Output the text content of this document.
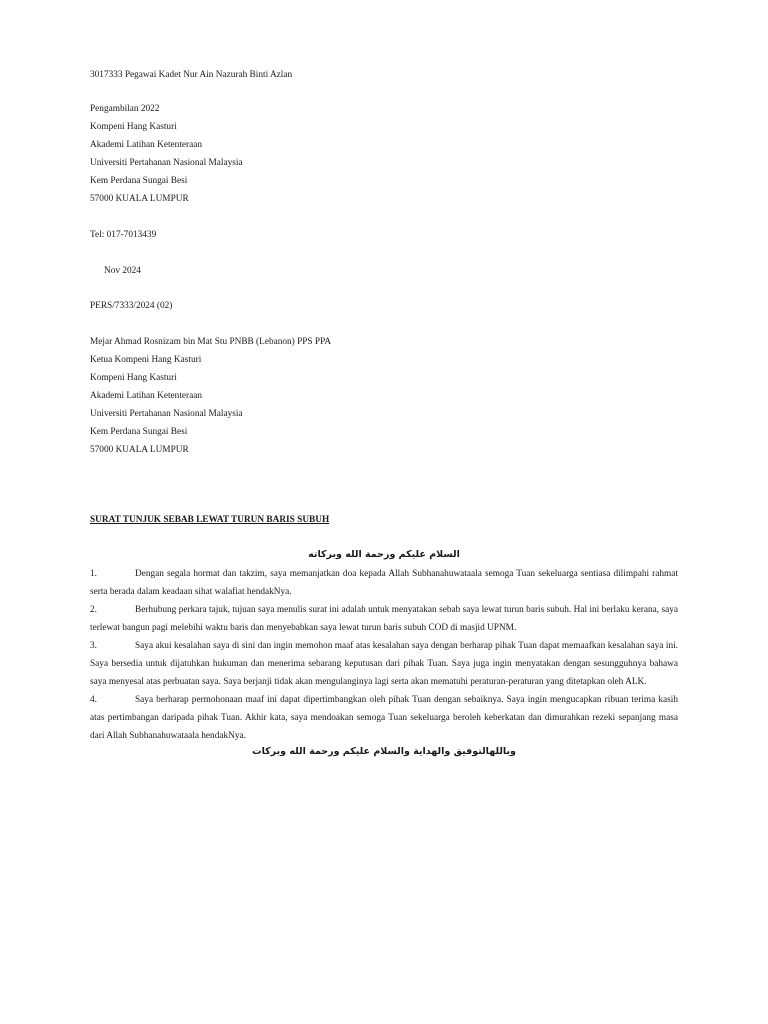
3017333 Pegawai Kadet Nur Ain Nazurah Binti Azlan
Pengambilan 2022
Kompeni Hang Kasturi
Akademi Latihan Ketenteraan
Universiti Pertahanan Nasional Malaysia
Kem Perdana Sungai Besi
57000 KUALA LUMPUR
Tel: 017-7013439
Nov 2024
PERS/7333/2024 (02)
Mejar Ahmad Rosnizam bin Mat Stu PNBB (Lebanon) PPS PPA
Ketua Kompeni Hang Kasturi
Kompeni Hang Kasturi
Akademi Latihan Ketenteraan
Universiti Pertahanan Nasional Malaysia
Kem Perdana Sungai Besi
57000 KUALA LUMPUR
SURAT TUNJUK SEBAB LEWAT TURUN BARIS SUBUH
السلام عليكم ورحمة الله وبركاته
1.	Dengan segala hormat dan takzim, saya memanjatkan doa kepada Allah Subhanahuwataala semoga Tuan sekeluarga sentiasa dilimpahi rahmat serta berada dalam keadaan sihat walafiat hendakNya.
2.	Berhubung perkara tajuk, tujuan saya menulis surat ini adalah untuk menyatakan sebab saya lewat turun baris subuh. Hal ini berlaku kerana, saya terlewat bangun pagi melebihi waktu baris dan menyebabkan saya lewat turun baris subuh COD di masjid UPNM.
3.	Saya akui kesalahan saya di sini dan ingin memohon maaf atas kesalahan saya dengan berharap pihak Tuan dapat memaafkan kesalahan saya ini. Saya bersedia untuk dijatuhkan hukuman dan menerima sebarang keputusan dari pihak Tuan. Saya juga ingin menyatakan dengan sesungguhnya bahawa saya menyesal atas perbuatan saya. Saya berjanji tidak akan mengulanginya lagi serta akan mematuhi peraturan-peraturan yang ditetapkan oleh ALK.
4.	Saya berharap permohonaan maaf ini dapat dipertimbangkan oleh pihak Tuan dengan sebaiknya. Saya ingin mengucapkan ribuan terima kasih atas pertimbangan daripada pihak Tuan. Akhir kata, saya mendoakan semoga Tuan sekeluarga beroleh keberkatan dan dimurahkan rezeki sepanjang masa dari Allah Subhanahuwataala hendakNya.
وباللهالتوفيق والهداية والسلام عليكم ورحمة الله وبركات
